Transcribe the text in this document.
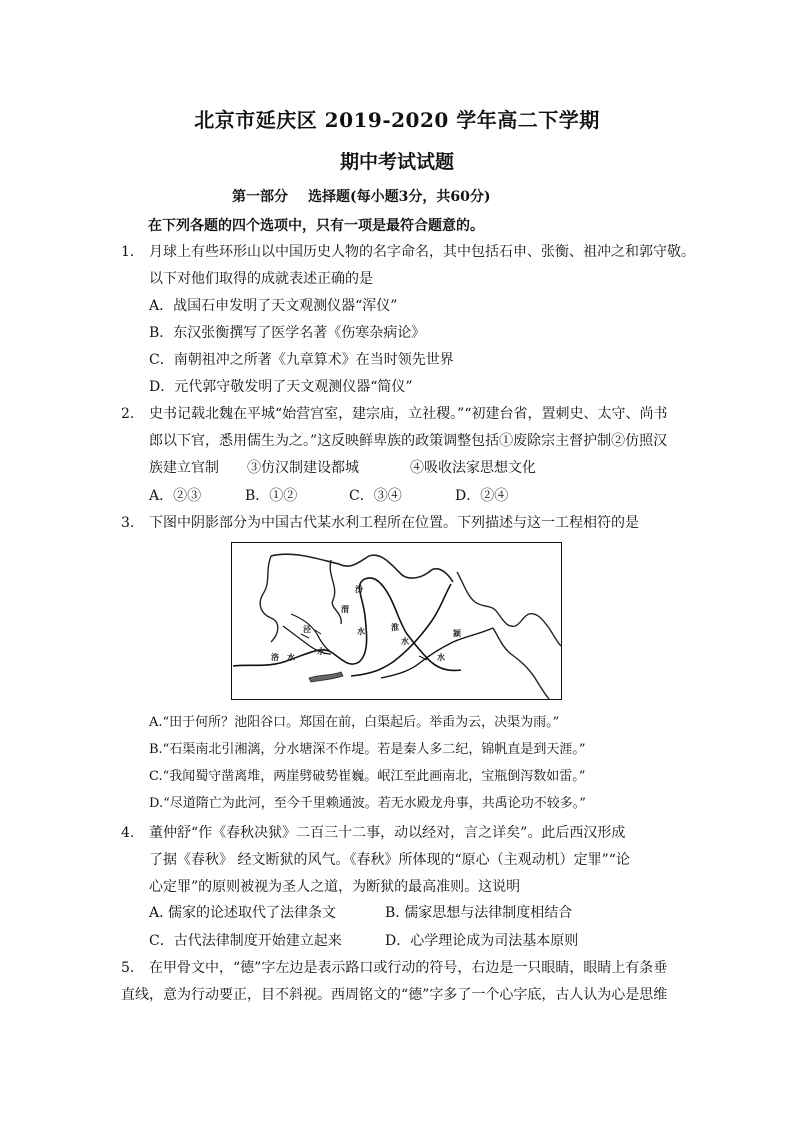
北京市延庆区 2019-2020 学年高二下学期
期中考试试题
第一部分 选择题(每小题3分，共60分)
在下列各题的四个选项中，只有一项是最符合题意的。
1. 月球上有些环形山以中国历史人物的名字命名，其中包括石申、张衡、祖冲之和郭守敬。
以下对他们取得的成就表述正确的是
A．战国石申发明了天文观测仪器“浑仪”
B．东汉张衡撰写了医学名著《伤寒杂病论》
C．南朝祖冲之所著《九章算术》在当时领先世界
D．元代郭守敬发明了天文观测仪器“简仪”
2. 史书记载北魏在平城“始营宫室，建宗庙，立社稷。”“初建台省，置刺史、太守、尚书
郎以下官，悉用儒生为之。”这反映鲜卑族的政策调整包括①废除宗主督护制②仿照汉
族建立官制 ③仿汉制建设都城	④吸收法家思想文化
A．②③	B．①②	C．③④	D．②④
3. 下图中阴影部分为中国古代某水利工程所在位置。下列描述与这一工程相符的是
渭
泾
水
洛 水
汾
水	淮
水
颍
水
A.“田于何所？池阳谷口。郑国在前，白渠起后。举臿为云，决渠为雨。”
B.“石渠南北引湘漓，分水塘深不作堤。若是秦人多二纪，锦帆直是到天涯。”
C.“我闻蜀守凿离堆，两崖劈破势崔巍。岷江至此画南北，宝瓶倒泻数如雷。”
D.“尽道隋亡为此河，至今千里赖通波。若无水殿龙舟事，共禹论功不较多。”
4. 董仲舒“作《春秋决狱》二百三十二事，动以经对，言之详矣”。此后西汉形成
了据《春秋》 经文断狱的风气。《春秋》所体现的“原心（主观动机）定罪”“论
心定罪”的原则被视为圣人之道，为断狱的最高准则。这说明
A. 儒家的论述取代了法律条文	B. 儒家思想与法律制度相结合
C．古代法律制度开始建立起来	D．心学理论成为司法基本原则
5. 在甲骨文中，“德”字左边是表示路口或行动的符号，右边是一只眼睛，眼睛上有条垂
直线，意为行动要正，目不斜视。西周铭文的“德”字多了一个心字底，古人认为心是思维
